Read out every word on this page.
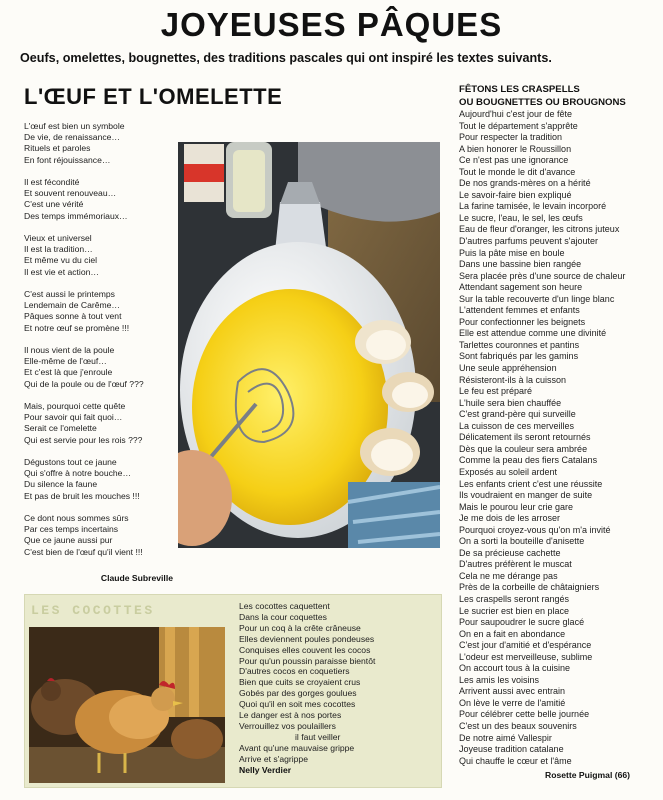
JOYEUSES PÂQUES
Oeufs, omelettes, bougnettes, des traditions pascales qui ont inspiré les textes suivants.
L'ŒUF ET L'OMELETTE
L'œuf est bien un symbole
De vie, de renaissance…
Rituels et paroles
En font réjouissance…
Il est fécondité
Et souvent renouveau…
C'est une vérité
Des temps immémoriaux…
Vieux et universel
Il est la tradition…
Et même vu du ciel
Il est vie et action…
C'est aussi le printemps
Lendemain de Carême…
Pâques sonne à tout vent
Et notre œuf se promène !!!
Il nous vient de la poule
Elle-même de l'œuf…
Et c'est là que j'enroule
Qui de la poule ou de l'œuf ???
Mais, pourquoi cette quête
Pour savoir qui fait quoi…
Serait ce l'omelette
Qui est servie pour les rois ???
Dégustons tout ce jaune
Qui s'offre à notre bouche…
Du silence la faune
Et pas de bruit les mouches !!!
Ce dont nous sommes sûrs
Par ces temps incertains
Que ce jaune aussi pur
C'est bien de l'œuf qu'il vient !!!
Claude Subreville
FÊTONS LES CRASPELLS
OU BOUGNETTES OU BROUGNONS
Aujourd'hui c'est jour de fête
Tout le département s'apprête
Pour respecter la tradition
A bien honorer le Roussillon
Ce n'est pas une ignorance
Tout le monde le dit d'avance
De nos grands-mères on a hérité
Le savoir-faire bien expliqué
La farine tamisée, le levain incorporé
Le sucre, l'eau, le sel, les œufs
Eau de fleur d'oranger, les citrons juteux
D'autres parfums peuvent s'ajouter
Puis la pâte mise en boule
Dans une bassine bien rangée
Sera placée près d'une source de chaleur
Attendant sagement son heure
Sur la table recouverte d'un linge blanc
L'attendent femmes et enfants
Pour confectionner les beignets
Elle est attendue comme une divinité
Tarlettes couronnes et pantins
Sont fabriqués par les gamins
Une seule appréhension
Résisteront-ils à la cuisson
Le feu est préparé
L'huile sera bien chauffée
C'est grand-père qui surveille
La cuisson de ces merveilles
Délicatement ils seront retournés
Dès que la couleur sera ambrée
Comme la peau des fiers Catalans
Exposés au soleil ardent
Les enfants crient c'est une réussite
Ils voudraient en manger de suite
Mais le pourou leur crie gare
Je me dois de les arroser
Pourquoi croyez-vous qu'on m'a invité
On a sorti la bouteille d'anisette
De sa précieuse cachette
D'autres préfèrent le muscat
Cela ne me dérange pas
Près de la corbeille de châtaigniers
Les craspells seront rangés
Le sucrier est bien en place
Pour saupoudrer le sucre glacé
On en a fait en abondance
C'est jour d'amitié et d'espérance
L'odeur est merveilleuse, sublime
On accourt tous à la cuisine
Les amis les voisins
Arrivent aussi avec entrain
On lève le verre de l'amitié
Pour célébrer cette belle journée
C'est un des beaux souvenirs
De notre aimé Vallespir
Joyeuse tradition catalane
Qui chauffe le cœur et l'âme
Rosette Puigmal (66)
LES COCOTTES	Les cocottes caquettent
Dans la cour coquettes
Pour un coq à la crête crâneuse
Elles deviennent poules pondeuses
Conquises elles couvent les cocos
Pour qu'un poussin paraisse bientôt
D'autres cocos en coquetiers
Bien que cuits se croyaient crus
Gobés par des gorges goulues
Quoi qu'il en soit mes cocottes
Le danger est à nos portes
Verrouillez vos poulaillers
il faut veiller
Avant qu'une mauvaise grippe
Arrive et s'agrippe
Nelly Verdier
